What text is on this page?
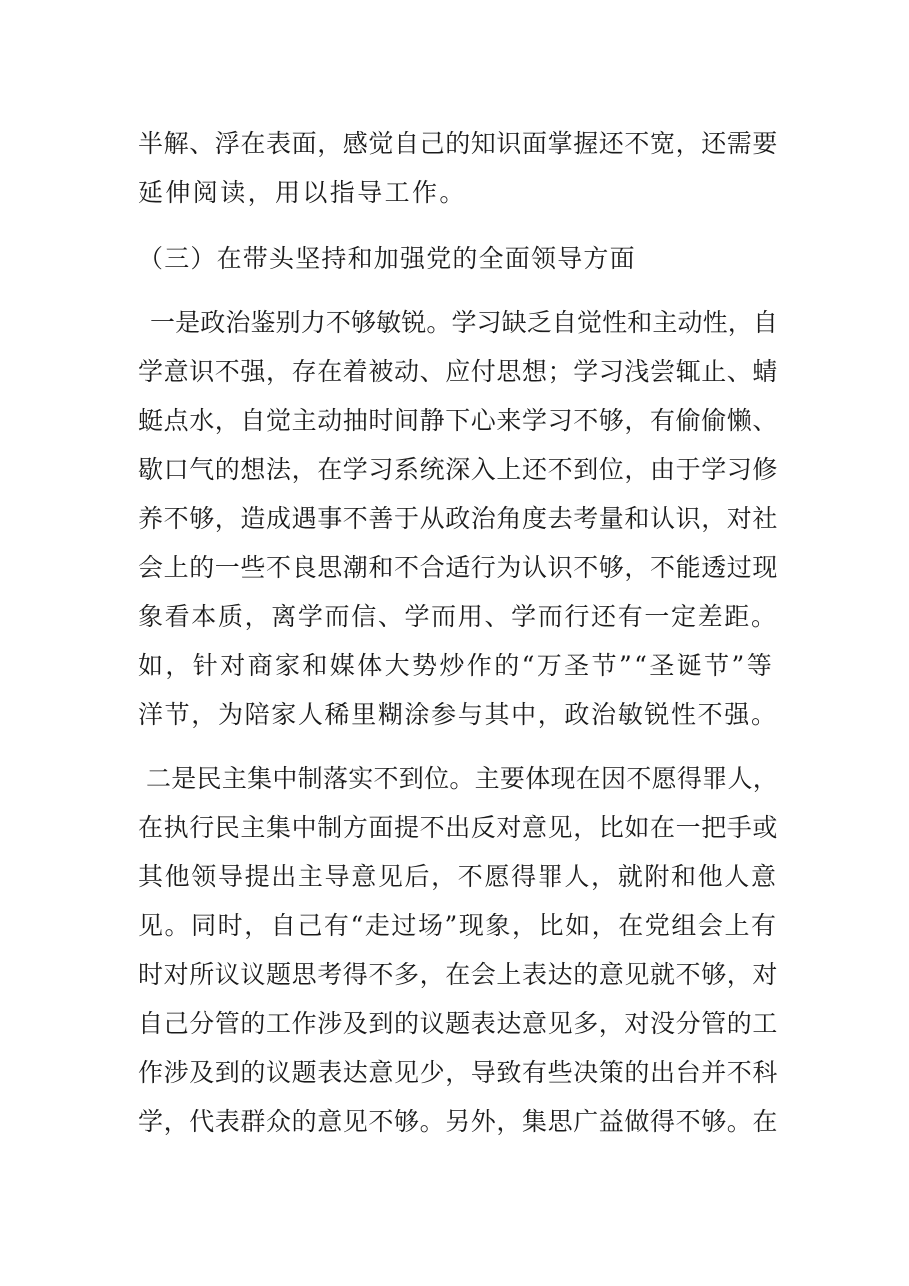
半解、浮在表面，感觉自己的知识面掌握还不宽，还需要
延伸阅读，用以指导工作。
（三）在带头坚持和加强党的全面领导方面
一是政治鉴别力不够敏锐。学习缺乏自觉性和主动性，自
学意识不强，存在着被动、应付思想；学习浅尝辄止、蜻
蜓点水，自觉主动抽时间静下心来学习不够，有偷偷懒、
歇口气的想法，在学习系统深入上还不到位，由于学习修
养不够，造成遇事不善于从政治角度去考量和认识，对社
会上的一些不良思潮和不合适行为认识不够，不能透过现
象看本质，离学而信、学而用、学而行还有一定差距。
如，针对商家和媒体大势炒作的“万圣节”“圣诞节”等
洋节，为陪家人稀里糊涂参与其中，政治敏锐性不强。
二是民主集中制落实不到位。主要体现在因不愿得罪人，
在执行民主集中制方面提不出反对意见，比如在一把手或
其他领导提出主导意见后，不愿得罪人，就附和他人意
见。同时，自己有“走过场”现象，比如，在党组会上有
时对所议议题思考得不多，在会上表达的意见就不够，对
自己分管的工作涉及到的议题表达意见多，对没分管的工
作涉及到的议题表达意见少，导致有些决策的出台并不科
学，代表群众的意见不够。另外，集思广益做得不够。在
